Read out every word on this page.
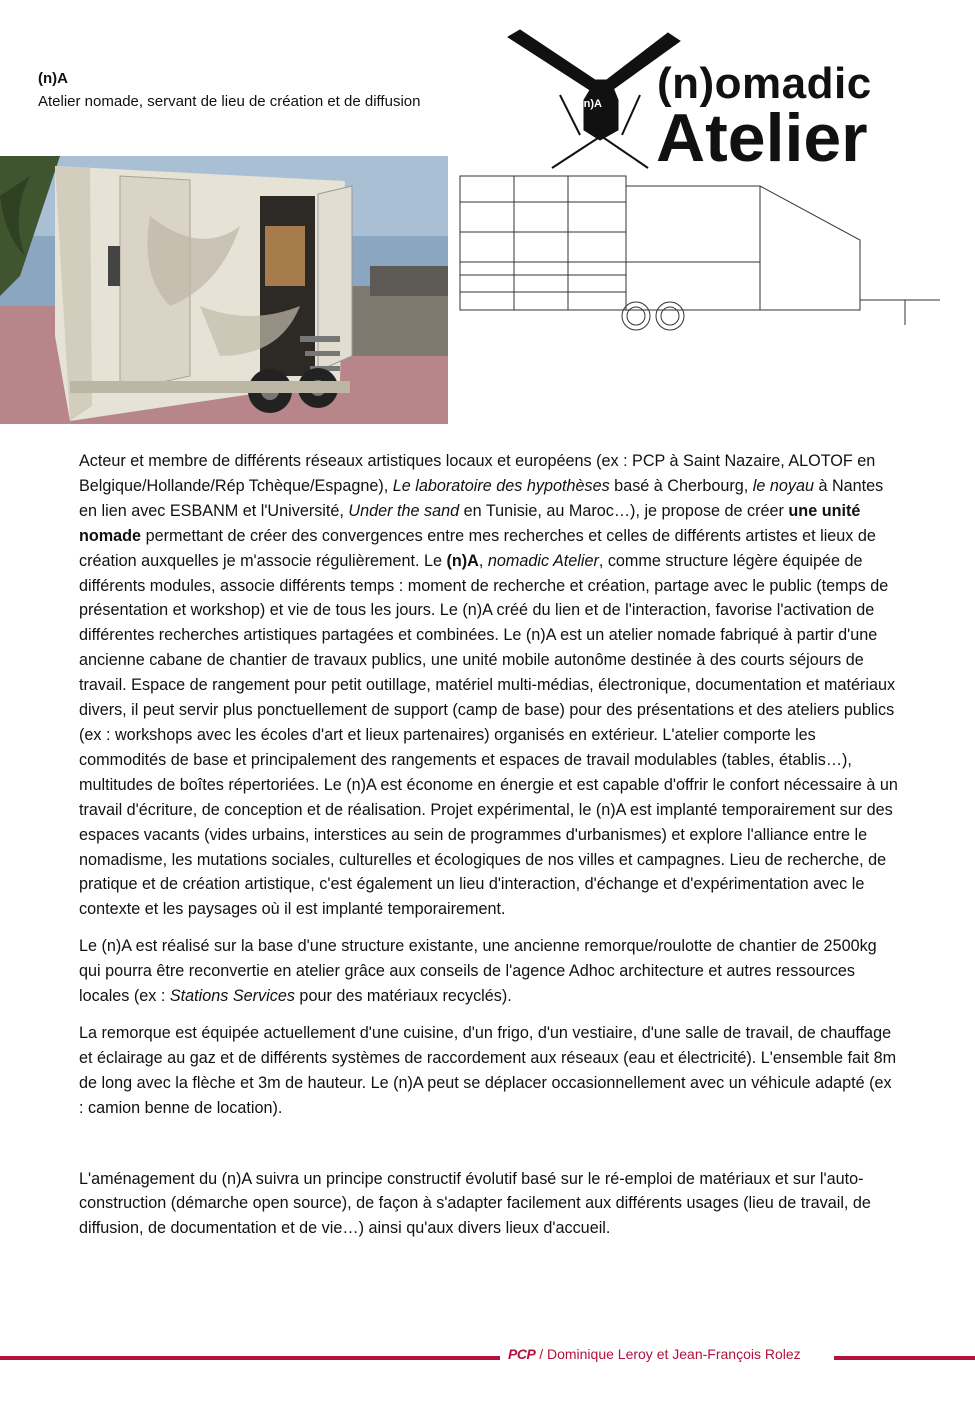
(n)A
Atelier nomade, servant de lieu de création et de diffusion	(n)A (n)omadic
Atelier

Acteur et membre de différents réseaux artistiques locaux et européens (ex : PCP à Saint Nazaire, ALOTOF en Belgique/Hollande/Rép Tchèque/Espagne), Le laboratoire des hypothèses basé à Cherbourg, le noyau à Nantes en lien avec ESBANM et l'Université, Under the sand en Tunisie, au Maroc…), je propose de créer une unité nomade permettant de créer des convergences entre mes recherches et celles de différents artistes et lieux de création auxquelles je m'associe régulièrement. Le (n)A, nomadic Atelier, comme structure légère équipée de différents modules, associe différents temps : moment de recherche et création, partage avec le public (temps de présentation et workshop) et vie de tous les jours. Le (n)A créé du lien et de l'interaction, favorise l'activation de différentes recherches artistiques partagées et combinées. Le (n)A est un atelier nomade fabriqué à partir d'une ancienne cabane de chantier de travaux publics, une unité mobile autonôme destinée à des courts séjours de travail. Espace de rangement pour petit outillage, matériel multi-médias, électronique, documentation et matériaux divers, il peut servir plus ponctuellement de support (camp de base) pour des présentations et des ateliers publics (ex : workshops avec les écoles d'art et lieux partenaires) organisés en extérieur. L'atelier comporte les commodités de base et principalement des rangements et espaces de travail modulables (tables, établis…), multitudes de boîtes répertoriées. Le (n)A est économe en énergie et est capable d'offrir le confort nécessaire à un travail d'écriture, de conception et de réalisation. Projet expérimental, le (n)A est implanté temporairement sur des espaces vacants (vides urbains, interstices au sein de programmes d'urbanismes) et explore l'alliance entre le nomadisme, les mutations sociales, culturelles et écologiques de nos villes et campagnes. Lieu de recherche, de pratique et de création artistique, c'est également un lieu d'interaction, d'échange et d'expérimentation avec le contexte et les paysages où il est implanté temporairement.

Le (n)A est réalisé sur la base d'une structure existante, une ancienne remorque/roulotte de chantier de 2500kg qui pourra être reconvertie en atelier grâce aux conseils de l'agence Adhoc architecture et autres ressources locales (ex : Stations Services pour des matériaux recyclés).

La remorque est équipée actuellement d'une cuisine, d'un frigo, d'un vestiaire, d'une salle de travail, de chauffage et éclairage au gaz et de différents systèmes de raccordement aux réseaux (eau et électricité). L'ensemble fait 8m de long avec la flèche et 3m de hauteur. Le (n)A peut se déplacer occasionnellement avec un véhicule adapté (ex : camion benne de location).

L'aménagement du (n)A suivra un principe constructif évolutif basé sur le ré-emploi de matériaux et sur l'auto-construction (démarche open source), de façon à s'adapter facilement aux différents usages (lieu de travail, de diffusion, de documentation et de vie…) ainsi qu'aux divers lieux d'accueil.

PCP / Dominique Leroy et Jean-François Rolez
